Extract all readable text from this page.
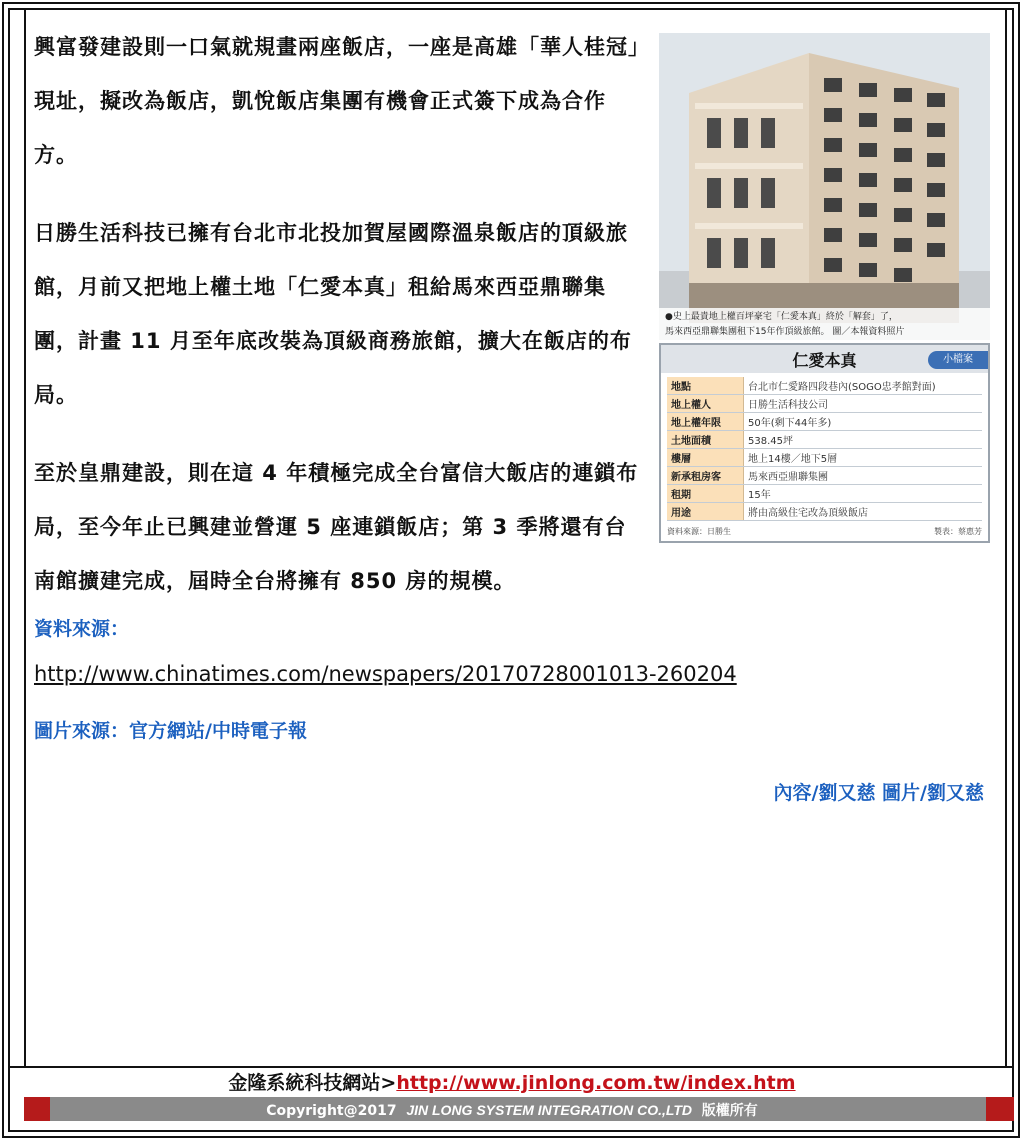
興富發建設則一口氣就規畫兩座飯店，一座是高雄「華人桂冠」現址，擬改為飯店，凱悅飯店集團有機會正式簽下成為合作方。

日勝生活科技已擁有台北市北投加賀屋國際溫泉飯店的頂級旅館，月前又把地上權土地「仁愛本真」租給馬來西亞鼎聯集團，計畫 11 月至年底改裝為頂級商務旅館，擴大在飯店的布局。

至於皇鼎建設，則在這 4 年積極完成全台富信大飯店的連鎖布局，至今年止已興建並營運 5 座連鎖飯店；第 3 季將還有台南館擴建完成，屆時全台將擁有 850 房的規模。

●史上最貴地上權百坪豪宅「仁愛本真」終於「解套」了，
馬來西亞鼎聯集團租下15年作頂級旅館。 圖／本報資料照片
仁愛本真	小檔案
地點	台北市仁愛路四段巷內(SOGO忠孝館對面)
地上權人	日勝生活科技公司
地上權年限	50年(剩下44年多)
土地面積	538.45坪
樓層	地上14樓／地下5層
新承租房客	馬來西亞鼎聯集團
租期	15年
用途	將由高級住宅改為頂級飯店
資料來源：日勝生	製表：蔡惠芳
資料來源：
http://www.chinatimes.com/newspapers/20170728001013-260204
圖片來源：官方網站/中時電子報
內容/劉又慈 圖片/劉又慈
金隆系統科技網站>http://www.jinlong.com.tw/index.htm
Copyright@2017 JIN LONG SYSTEM INTEGRATION CO.,LTD 版權所有
